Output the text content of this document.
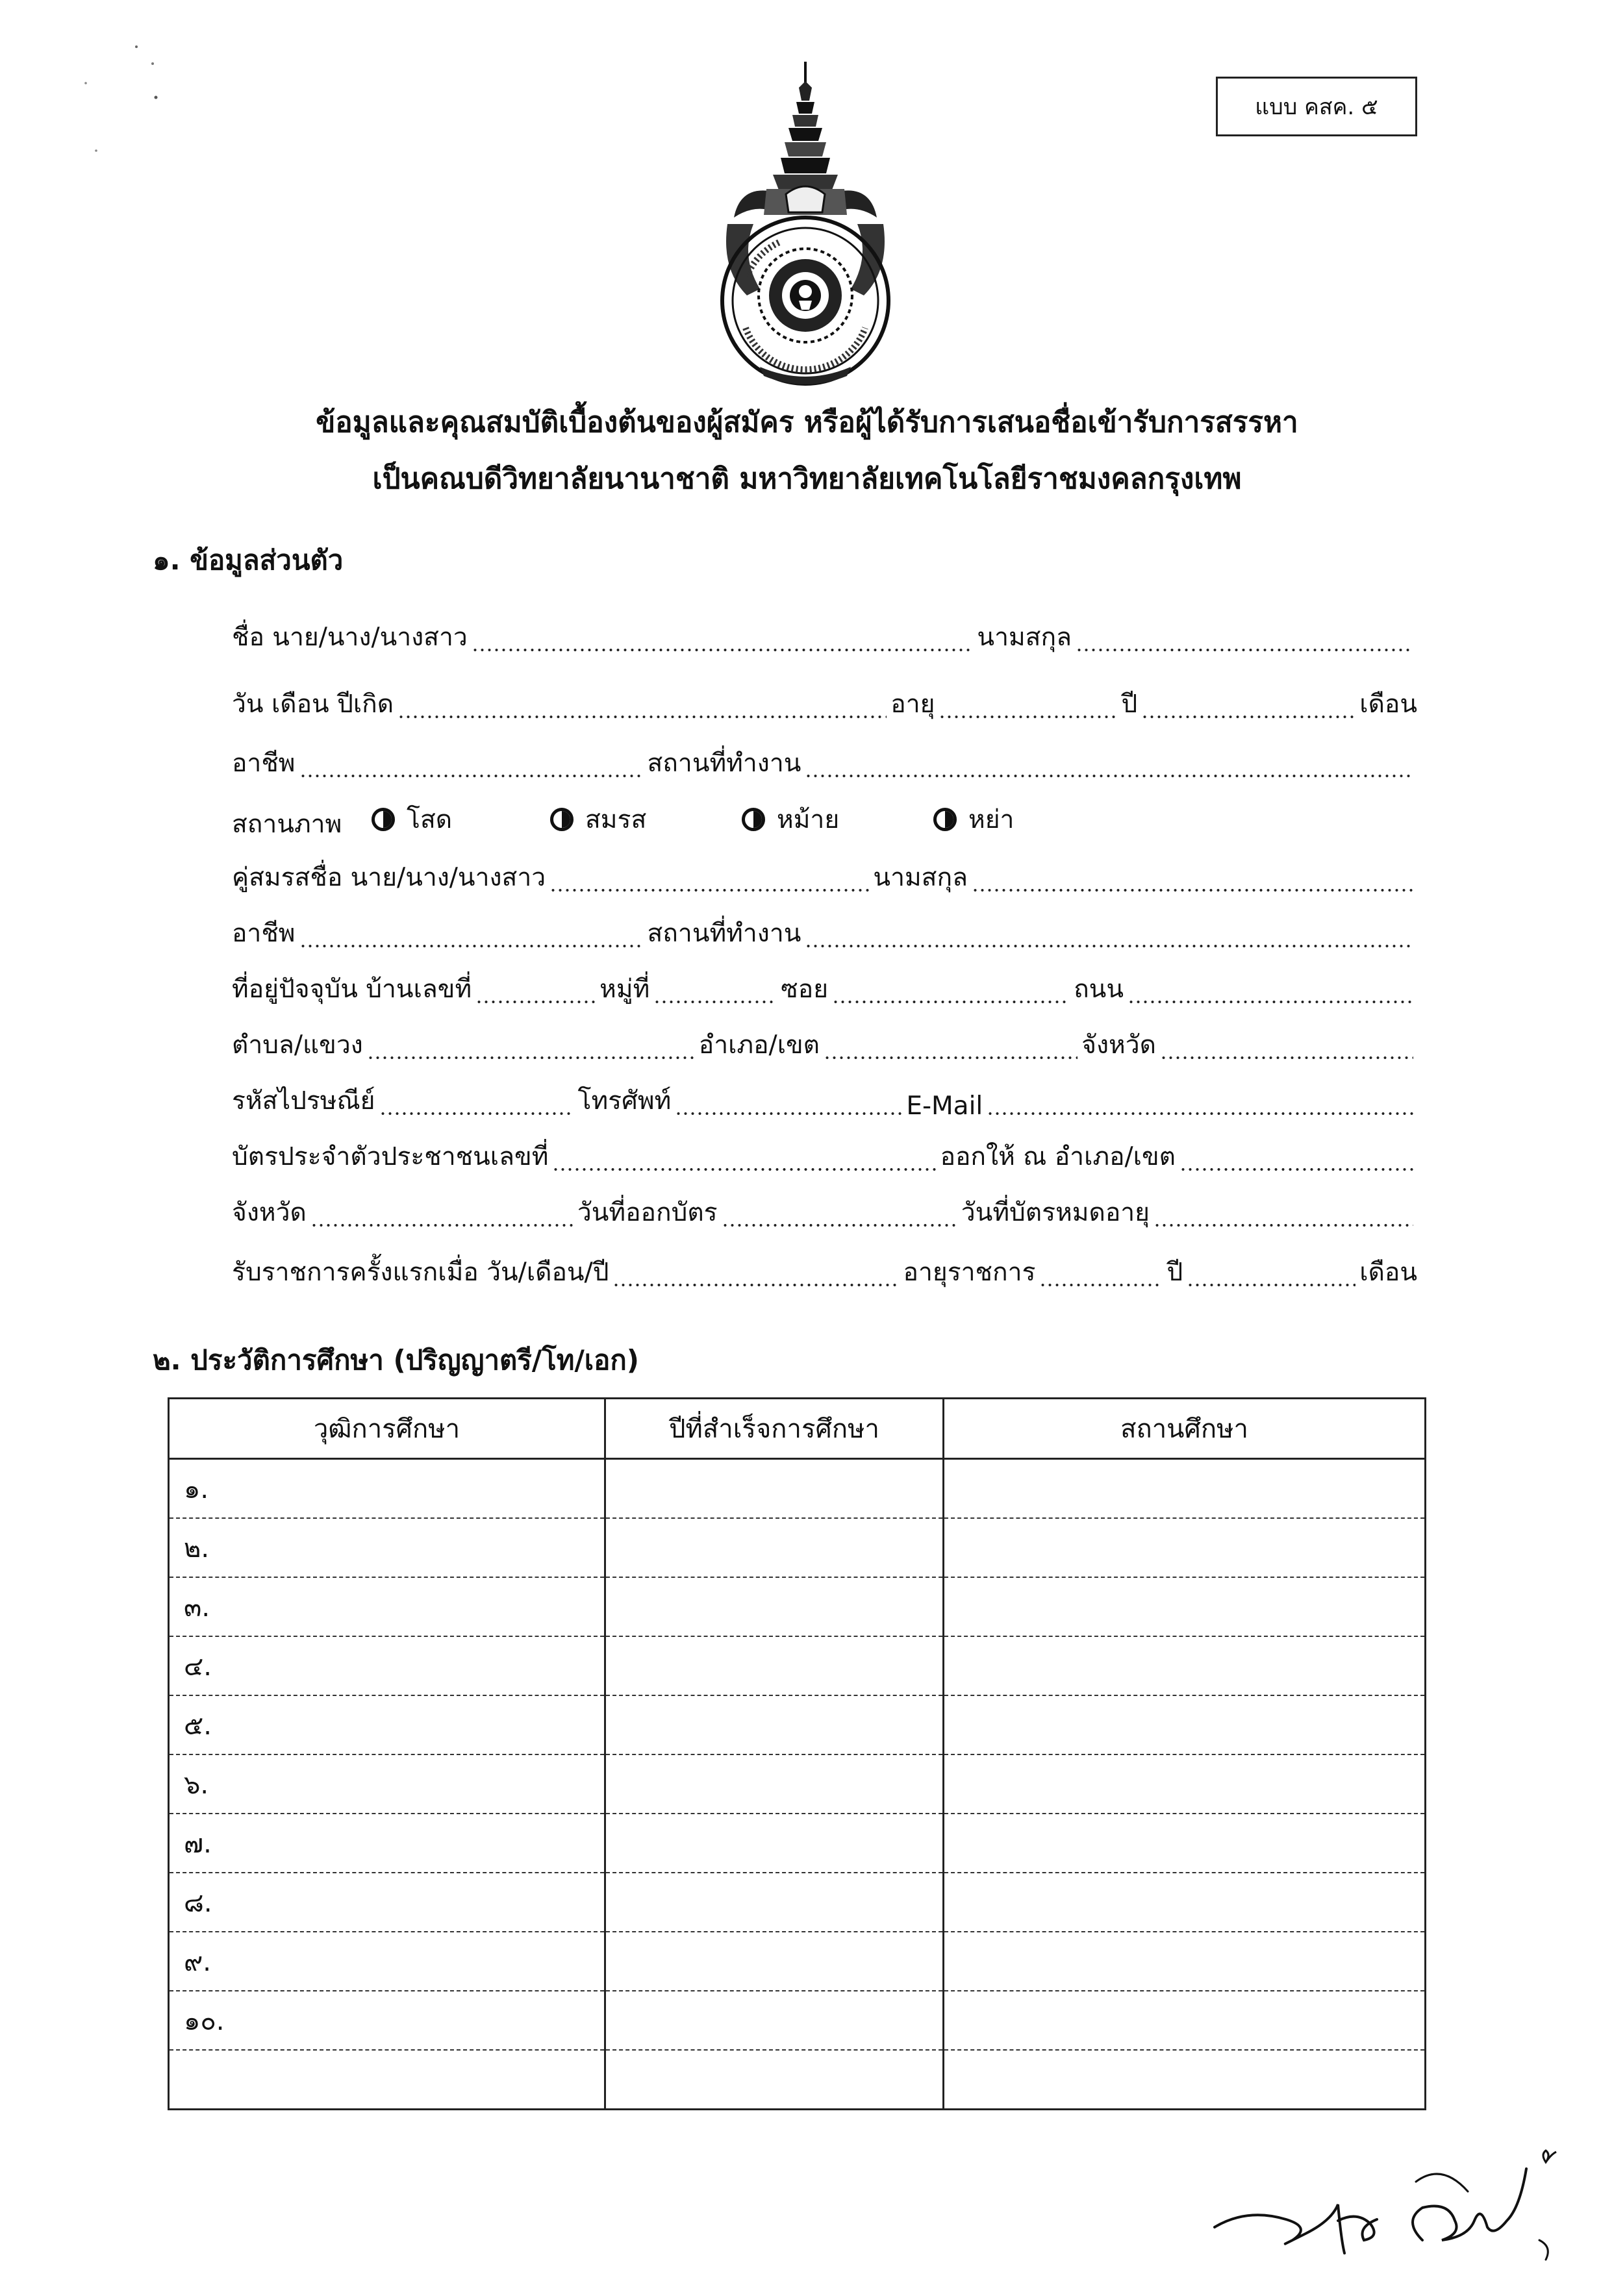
แบบ คสค. ๕
ข้อมูลและคุณสมบัติเบื้องต้นของผู้สมัคร หรือผู้ได้รับการเสนอชื่อเข้ารับการสรรหา
เป็นคณบดีวิทยาลัยนานาชาติ มหาวิทยาลัยเทคโนโลยีราชมงคลกรุงเทพ
๑. ข้อมูลส่วนตัว
ชื่อ นาย/นาง/นางสาว	นามสกุล
วัน เดือน ปีเกิด	อายุ	ปี	เดือน
อาชีพ	สถานที่ทำงาน
สถานภาพ	โสด	สมรส	หม้าย	หย่า
คู่สมรสชื่อ นาย/นาง/นางสาว	นามสกุล
อาชีพ	สถานที่ทำงาน
ที่อยู่ปัจจุบัน บ้านเลขที่	หมู่ที่	ซอย	ถนน
ตำบล/แขวง	อำเภอ/เขต	จังหวัด
รหัสไปรษณีย์	โทรศัพท์	E-Mail
บัตรประจำตัวประชาชนเลขที่	ออกให้ ณ อำเภอ/เขต
จังหวัด	วันที่ออกบัตร	วันที่บัตรหมดอายุ
รับราชการครั้งแรกเมื่อ วัน/เดือน/ปี	อายุราชการ	ปี	เดือน
๒. ประวัติการศึกษา (ปริญญาตรี/โท/เอก)
วุฒิการศึกษา	ปีที่สำเร็จการศึกษา	สถานศึกษา
๑.		
๒.		
๓.		
๔.		
๕.		
๖.		
๗.		
๘.		
๙.		
๑๐.		
